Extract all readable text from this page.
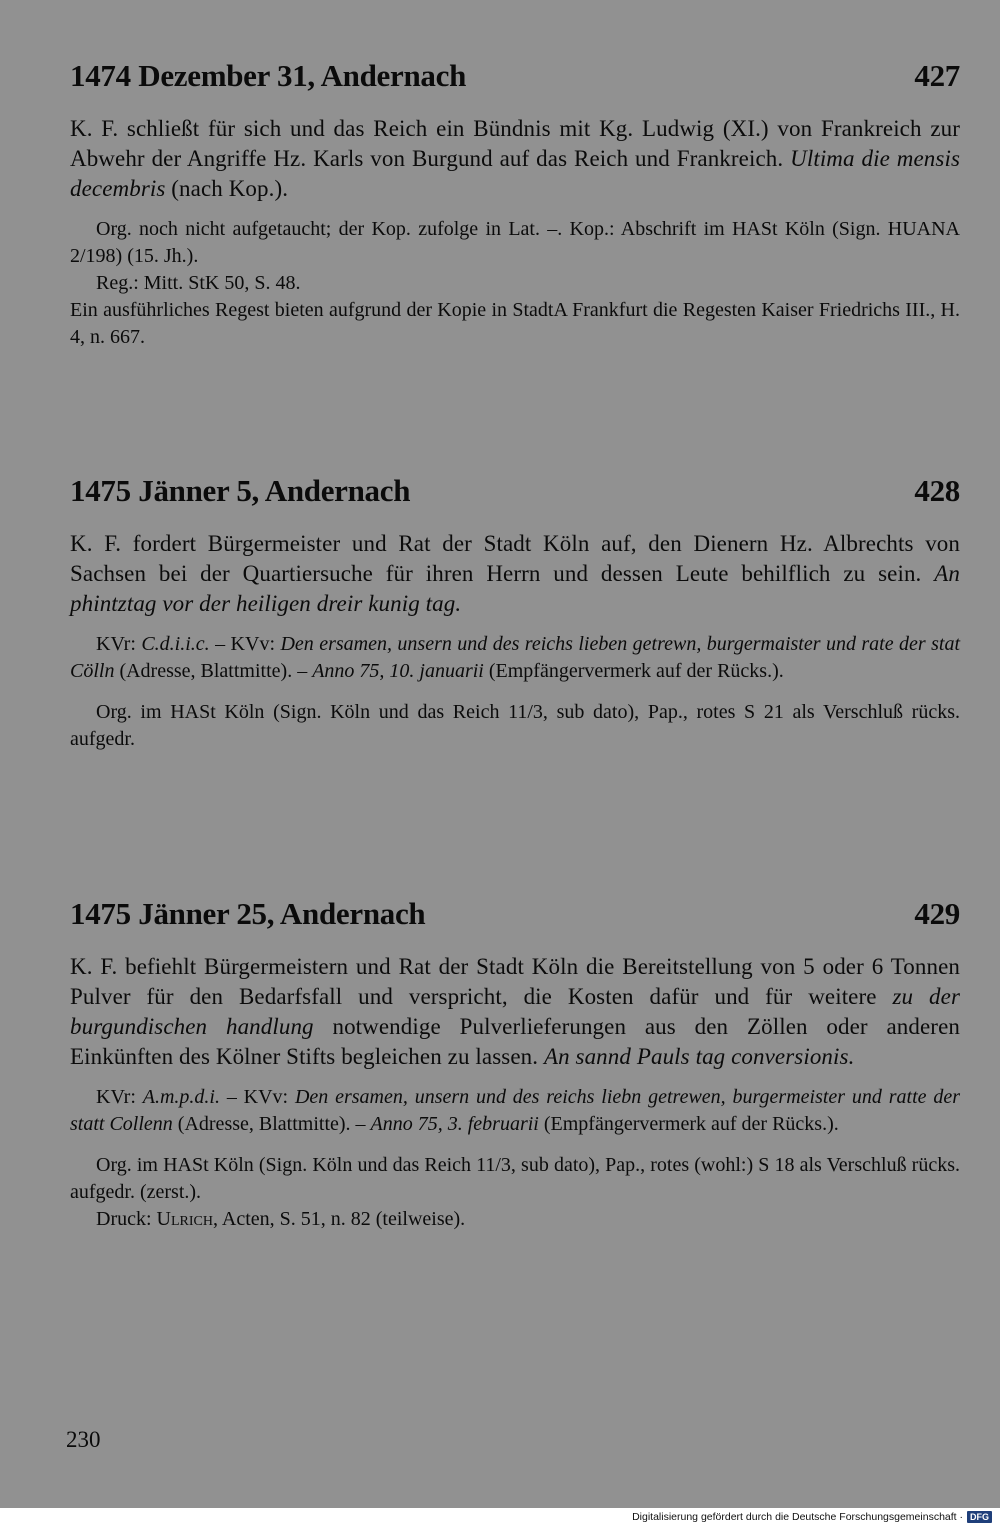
1474 Dezember 31, Andernach	427

K. F. schließt für sich und das Reich ein Bündnis mit Kg. Ludwig (XI.) von Frankreich zur Abwehr der Angriffe Hz. Karls von Burgund auf das Reich und Frankreich. Ultima die mensis decembris (nach Kop.).

Org. noch nicht aufgetaucht; der Kop. zufolge in Lat. –. Kop.: Abschrift im HASt Köln (Sign. HUANA 2/198) (15. Jh.).

Reg.: Mitt. StK 50, S. 48.

Ein ausführliches Regest bieten aufgrund der Kopie in StadtA Frankfurt die Regesten Kaiser Friedrichs III., H. 4, n. 667.

1475 Jänner 5, Andernach	428

K. F. fordert Bürgermeister und Rat der Stadt Köln auf, den Dienern Hz. Albrechts von Sachsen bei der Quartiersuche für ihren Herrn und dessen Leute behilflich zu sein. An phintztag vor der heiligen dreir kunig tag.

KVr: C.d.i.i.c. – KVv: Den ersamen, unsern und des reichs lieben getrewn, burgermaister und rate der stat Cölln (Adresse, Blattmitte). – Anno 75, 10. januarii (Empfängervermerk auf der Rücks.).

Org. im HASt Köln (Sign. Köln und das Reich 11/3, sub dato), Pap., rotes S 21 als Verschluß rücks. aufgedr.

1475 Jänner 25, Andernach	429

K. F. befiehlt Bürgermeistern und Rat der Stadt Köln die Bereitstellung von 5 oder 6 Tonnen Pulver für den Bedarfsfall und verspricht, die Kosten dafür und für weitere zu der burgundischen handlung notwendige Pulverlieferungen aus den Zöllen oder anderen Einkünften des Kölner Stifts begleichen zu lassen. An sannd Pauls tag conversionis.

KVr: A.m.p.d.i. – KVv: Den ersamen, unsern und des reichs liebn getrewen, burgermeister und ratte der statt Collenn (Adresse, Blattmitte). – Anno 75, 3. februarii (Empfängervermerk auf der Rücks.).

Org. im HASt Köln (Sign. Köln und das Reich 11/3, sub dato), Pap., rotes (wohl:) S 18 als Verschluß rücks. aufgedr. (zerst.).

Druck: Ulrich, Acten, S. 51, n. 82 (teilweise).

230
Digitalisierung gefördert durch die Deutsche Forschungsgemeinschaft · DFG
